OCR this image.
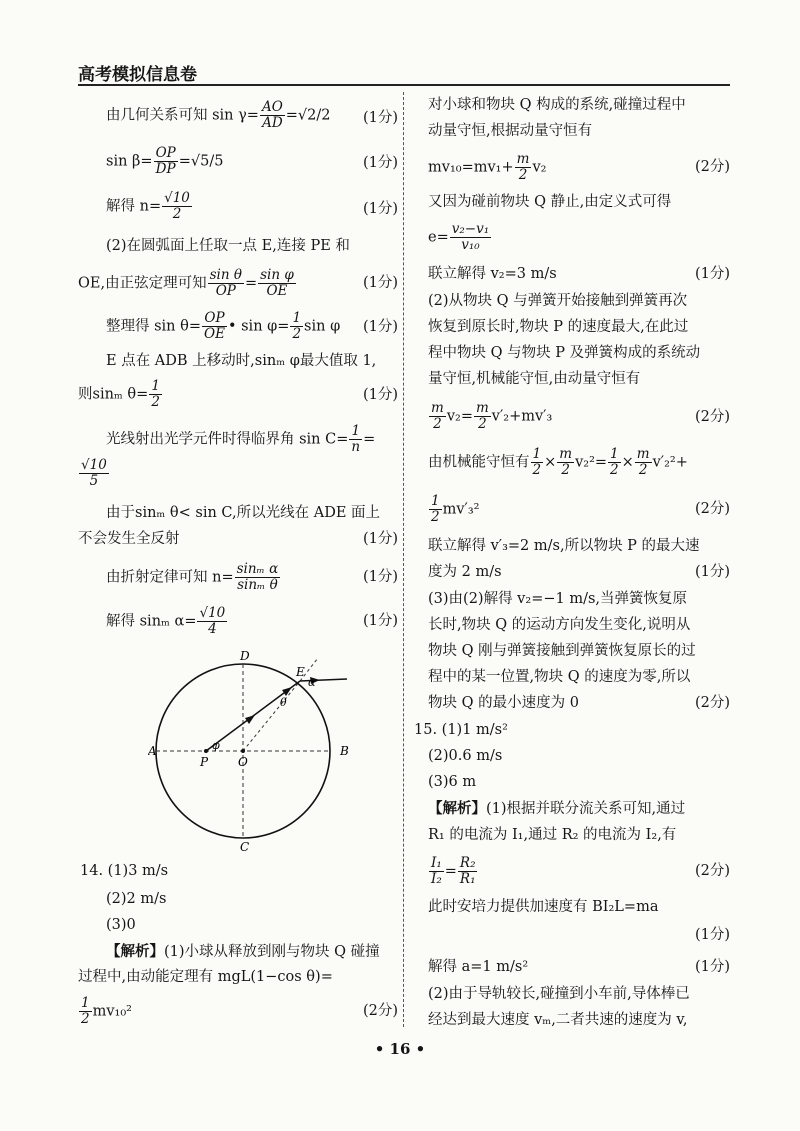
高考模拟信息卷
由几何关系可知 $\sin \gamma= \frac{AO}{AD} =√2/2$	(1分)
$\sin \beta= \frac{OP}{DP} =√5/5$	(1分)
解得 $n= \frac{√10}{2}$	(1分)
(2)在圆弧面上任取一点 E,连接 PE 和
OE,由正弦定理可知 $\frac{\text{sin θ}}{OP} = \frac{\text{sin φ}}{OE}$	(1分)
整理得 $\sin \theta= \frac{OP}{OE}$ • $\sin \varphi= \frac{1}{2}$ sin φ	(1分)
E 点在 ADB 上移动时,sinₘ φ最大值取 1,
则sinₘ $\theta= \frac{1}{2}$	(1分)
光线射出光学元件时得临界角 $\sin C= \frac{1}{n}$ =
$\frac{√10}{5}$
由于sinₘ θ< sin C,所以光线在 ADE 面上
不会发生全反射	(1分)
由折射定律可知 $n= \frac{\text{sinₘ α}}{\text{sinₘ θ}}$	(1分)
解得 sinₘ $\alpha= \frac{√10}{4}$	(1分)
D
C
A	B
P O
E
α
θ
φ
14. (1)3 m/s
(2)2 m/s
(3)0
【解析】(1)小球从释放到刚与物块 Q 碰撞
过程中,由动能定理有 mgL(1−cos θ)=
$\frac{1}{2} mv_{10}^2$	(2分)
对小球和物块 Q 构成的系统,碰撞过程中
动量守恒,根据动量守恒有
$mv_{10}=mv_1+ \frac{m}{2} v_2$	(2分)
又因为碰前物块 Q 静止,由定义式可得
$e= \frac{\text{v₂−v₁}}{\text{v₁₀}}$
联立解得 v₂=3 m/s	(1分)
(2)从物块 Q 与弹簧开始接触到弹簧再次
恢复到原长时,物块 P 的速度最大,在此过
程中物块 Q 与物块 P 及弹簧构成的系统动
量守恒,机械能守恒,由动量守恒有
$\frac{m}{2} v_2= \frac{m}{2} v'_2+mv'_3$	(2分)
由机械能守恒有 $\frac{1}{2} \times \frac{m}{2} v_2^2= \frac{1}{2} \times \frac{m}{2} v'_2^2+$
$\frac{1}{2} mv'_3^2$	(2分)
联立解得 v′₃=2 m/s,所以物块 P 的最大速
度为 2 m/s	(1分)
(3)由(2)解得 v₂=−1 m/s,当弹簧恢复原
长时,物块 Q 的运动方向发生变化,说明从
物块 Q 刚与弹簧接触到弹簧恢复原长的过
程中的某一位置,物块 Q 的速度为零,所以
物块 Q 的最小速度为 0	(2分)
15. (1)1 m/s²
(2)0.6 m/s
(3)6 m
【解析】(1)根据并联分流关系可知,通过
R₁ 的电流为 I₁,通过 R₂ 的电流为 I₂,有
$\frac{\text{I₁}}{\text{I₂}} = \frac{\text{R₂}}{\text{R₁}}$	(2分)
此时安培力提供加速度有 BI₂L=ma
(1分)
解得 a=1 m/s²	(1分)
(2)由于导轨较长,碰撞到小车前,导体棒已
经达到最大速度 vₘ,二者共速的速度为 v,
• 16 •
